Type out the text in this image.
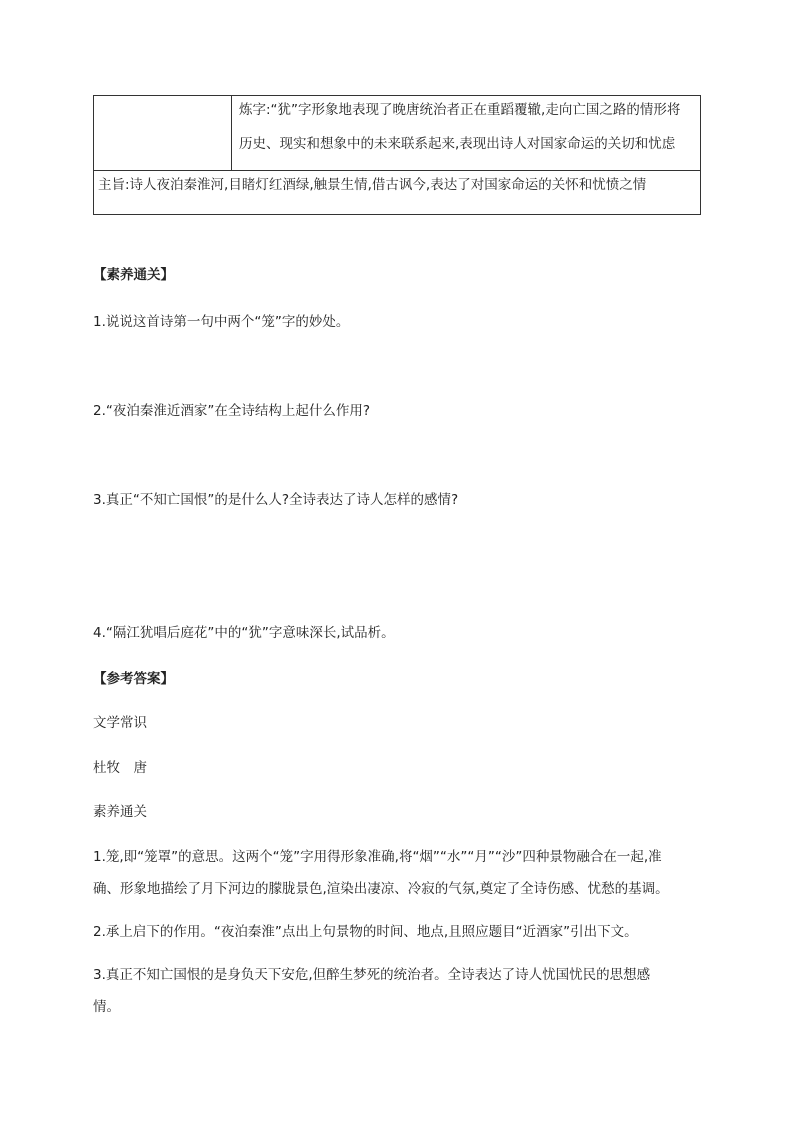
炼字:“犹”字形象地表现了晚唐统治者正在重蹈覆辙,走向亡国之路的情形将
历史、现实和想象中的未来联系起来,表现出诗人对国家命运的关切和忧虑
主旨:诗人夜泊秦淮河,目睹灯红酒绿,触景生情,借古讽今,表达了对国家命运的关怀和忧愤之情
【素养通关】
1.说说这首诗第一句中两个“笼”字的妙处。
2.“夜泊秦淮近酒家”在全诗结构上起什么作用?
3.真正“不知亡国恨”的是什么人?全诗表达了诗人怎样的感情?
4.“隔江犹唱后庭花”中的“犹”字意味深长,试品析。
【参考答案】
文学常识
杜牧　唐
素养通关
1.笼,即“笼罩”的意思。这两个“笼”字用得形象准确,将“烟”“水”“月”“沙”四种景物融合在一起,准
确、形象地描绘了月下河边的朦胧景色,渲染出凄凉、冷寂的气氛,奠定了全诗伤感、忧愁的基调。
2.承上启下的作用。“夜泊秦淮”点出上句景物的时间、地点,且照应题目“近酒家”引出下文。
3.真正不知亡国恨的是身负天下安危,但醉生梦死的统治者。全诗表达了诗人忧国忧民的思想感
情。
